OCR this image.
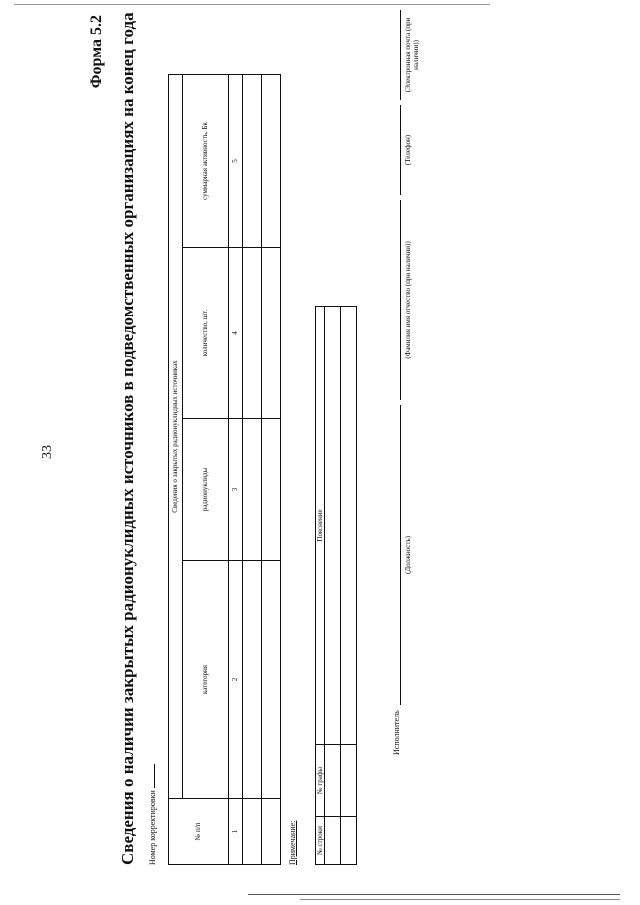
33	Сведения о наличии закрытых радионуклидных источников в подведомственных организациях на конец года
Форма 5.2
Номер корректировки	№ п/п	Сведения о закрытых радионуклидных источниках			
	категория	радионуклиды	количество, шт.	суммарная активность, Бк
1	2	3	4	5

Примечание:	№ строки	№ графы	Пояснение

Исполнитель
(Должность)
(Фамилия имя отчество (при наличии))
(Телефон)
(Электронная почта (при наличии))
